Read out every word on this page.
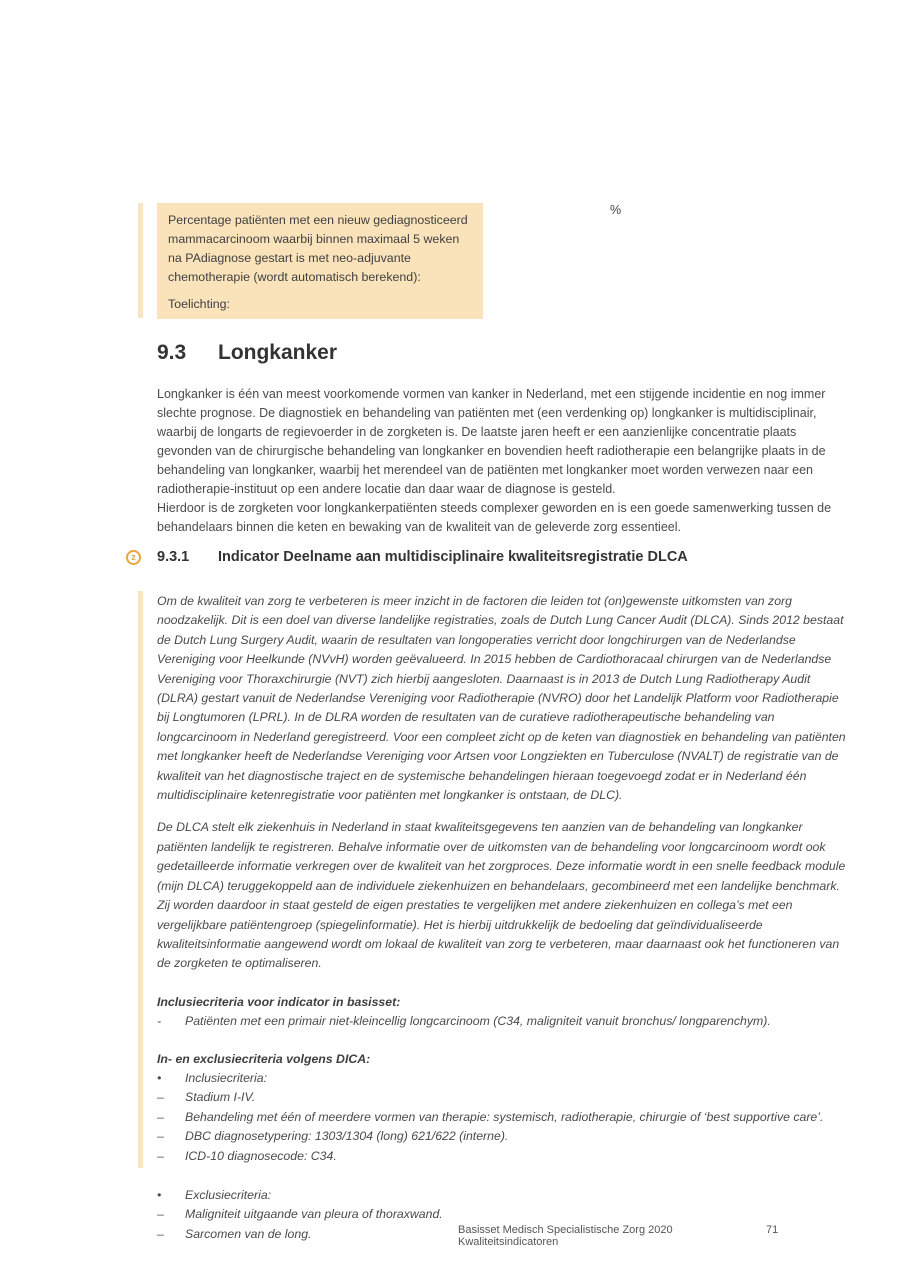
Percentage patiënten met een nieuw gediagnosticeerd mammacarcinoom waarbij binnen maximaal 5 weken na PAdiagnose gestart is met neo-adjuvante chemotherapie (wordt automatisch berekend):
%
Toelichting:
9.3	Longkanker

Longkanker is één van meest voorkomende vormen van kanker in Nederland, met een stijgende incidentie en nog immer slechte prognose. De diagnostiek en behandeling van patiënten met (een verdenking op) longkanker is multidisciplinair, waarbij de longarts de regievoerder in de zorgketen is. De laatste jaren heeft er een aanzienlijke concentratie plaats gevonden van de chirurgische behandeling van longkanker en bovendien heeft radiotherapie een belangrijke plaats in de behandeling van longkanker, waarbij het merendeel van de patiënten met longkanker moet worden verwezen naar een radiotherapie-instituut op een andere locatie dan daar waar de diagnose is gesteld.

Hierdoor is de zorgketen voor longkankerpatiënten steeds complexer geworden en is een goede samenwerking tussen de behandelaars binnen die keten en bewaking van de kwaliteit van de geleverde zorg essentieel.

z	9.3.1	Indicator Deelname aan multidisciplinaire kwaliteitsregistratie DLCA

Om de kwaliteit van zorg te verbeteren is meer inzicht in de factoren die leiden tot (on)gewenste uitkomsten van zorg noodzakelijk. Dit is een doel van diverse landelijke registraties, zoals de Dutch Lung Cancer Audit (DLCA). Sinds 2012 bestaat de Dutch Lung Surgery Audit, waarin de resultaten van longoperaties verricht door longchirurgen van de Nederlandse Vereniging voor Heelkunde (NVvH) worden geëvalueerd. In 2015 hebben de Cardiothoracaal chirurgen van de Nederlandse Vereniging voor Thoraxchirurgie (NVT) zich hierbij aangesloten. Daarnaast is in 2013 de Dutch Lung Radiotherapy Audit (DLRA) gestart vanuit de Nederlandse Vereniging voor Radiotherapie (NVRO) door het Landelijk Platform voor Radiotherapie bij Longtumoren (LPRL). In de DLRA worden de resultaten van de curatieve radiotherapeutische behandeling van longcarcinoom in Nederland geregistreerd. Voor een compleet zicht op de keten van diagnostiek en behandeling van patiënten met longkanker heeft de Nederlandse Vereniging voor Artsen voor Longziekten en Tuberculose (NVALT) de registratie van de kwaliteit van het diagnostische traject en de systemische behandelingen hieraan toegevoegd zodat er in Nederland één multidisciplinaire ketenregistratie voor patiënten met longkanker is ontstaan, de DLC).

De DLCA stelt elk ziekenhuis in Nederland in staat kwaliteitsgegevens ten aanzien van de behandeling van longkanker patiënten landelijk te registreren. Behalve informatie over de uitkomsten van de behandeling voor longcarcinoom wordt ook gedetailleerde informatie verkregen over de kwaliteit van het zorgproces. Deze informatie wordt in een snelle feedback module (mijn DLCA) teruggekoppeld aan de individuele ziekenhuizen en behandelaars, gecombineerd met een landelijke benchmark. Zij worden daardoor in staat gesteld de eigen prestaties te vergelijken met andere ziekenhuizen en collega’s met een vergelijkbare patiëntengroep (spiegelinformatie). Het is hierbij uitdrukkelijk de bedoeling dat geïndividualiseerde kwaliteitsinformatie aangewend wordt om lokaal de kwaliteit van zorg te verbeteren, maar daarnaast ook het functioneren van de zorgketen te optimaliseren.

Inclusiecriteria voor indicator in basisset:

-	Patiënten met een primair niet-kleincellig longcarcinoom (C34, maligniteit vanuit bronchus/ longparenchym).

In- en exclusiecriteria volgens DICA:

•	Inclusiecriteria:
–	Stadium I-IV.
–	Behandeling met één of meerdere vormen van therapie: systemisch, radiotherapie, chirurgie of ‘best supportive care’.
–	DBC diagnosetypering: 1303/1304 (long) 621/622 (interne).
–	ICD-10 diagnosecode: C34.
•	Exclusiecriteria:
–	Maligniteit uitgaande van pleura of thoraxwand.
–	Sarcomen van de long.	Basisset Medisch Specialistische Zorg 2020 Kwaliteitsindicatoren
71
